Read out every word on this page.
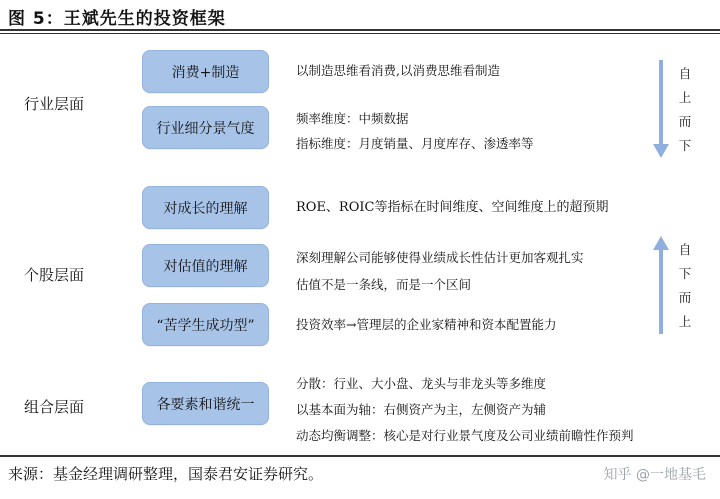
图 5：王斌先生的投资框架
行业层面
个股层面
组合层面
消费+制造
行业细分景气度
对成长的理解
对估值的理解
“苦学生成功型”
各要素和谐统一
以制造思维看消费,以消费思维看制造
频率维度：中频数据
指标维度：月度销量、月度库存、渗透率等
ROE、ROIC等指标在时间维度、空间维度上的超预期
深刻理解公司能够使得业绩成长性估计更加客观扎实
估值不是一条线，而是一个区间
投资效率→管理层的企业家精神和资本配置能力
分散：行业、大小盘、龙头与非龙头等多维度
以基本面为轴：右侧资产为主，左侧资产为辅
动态均衡调整：核心是对行业景气度及公司业绩前瞻性作预判
自
上
而
下
自
下
而
上
来源：基金经理调研整理，国泰君安证券研究。	知乎 @一地基毛
